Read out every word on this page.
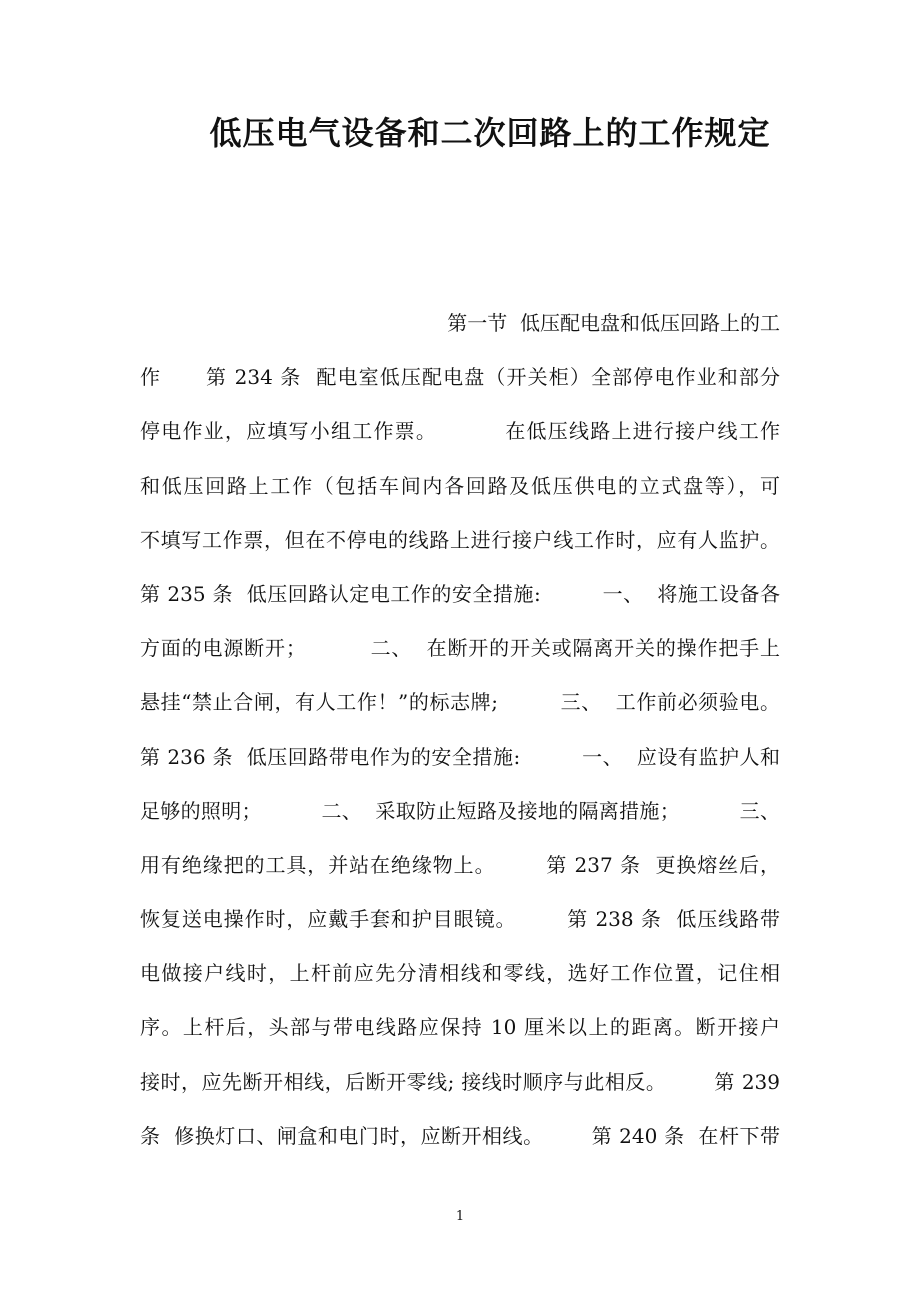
低压电气设备和二次回路上的工作规定
第一节  低压配电盘和低压回路上的工
作      第 234 条  配电室低压配电盘（开关柜）全部停电作业和部分
停电作业，应填写小组工作票。         在低压线路上进行接户线工作
和低压回路上工作（包括车间内各回路及低压供电的立式盘等），可
不填写工作票，但在不停电的线路上进行接户线工作时，应有人监护。
第 235 条  低压回路认定电工作的安全措施:         一、  将施工设备各
方面的电源断开；         二、  在断开的开关或隔离开关的操作把手上
悬挂“禁止合闸，有人工作！”的标志牌;         三、  工作前必须验电。
第 236 条  低压回路带电作为的安全措施:         一、  应设有监护人和
足够的照明；         二、  采取防止短路及接地的隔离措施；         三、
用有绝缘把的工具，并站在绝缘物上。       第 237 条  更换熔丝后，
恢复送电操作时，应戴手套和护目眼镜。       第 238 条  低压线路带
电做接户线时，上杆前应先分清相线和零线，选好工作位置，记住相
序。上杆后，头部与带电线路应保持 10 厘米以上的距离。断开接户
接时，应先断开相线，后断开零线; 接线时顺序与此相反。       第 239
条  修换灯口、闸盒和电门时，应断开相线。       第 240 条  在杆下带
1
